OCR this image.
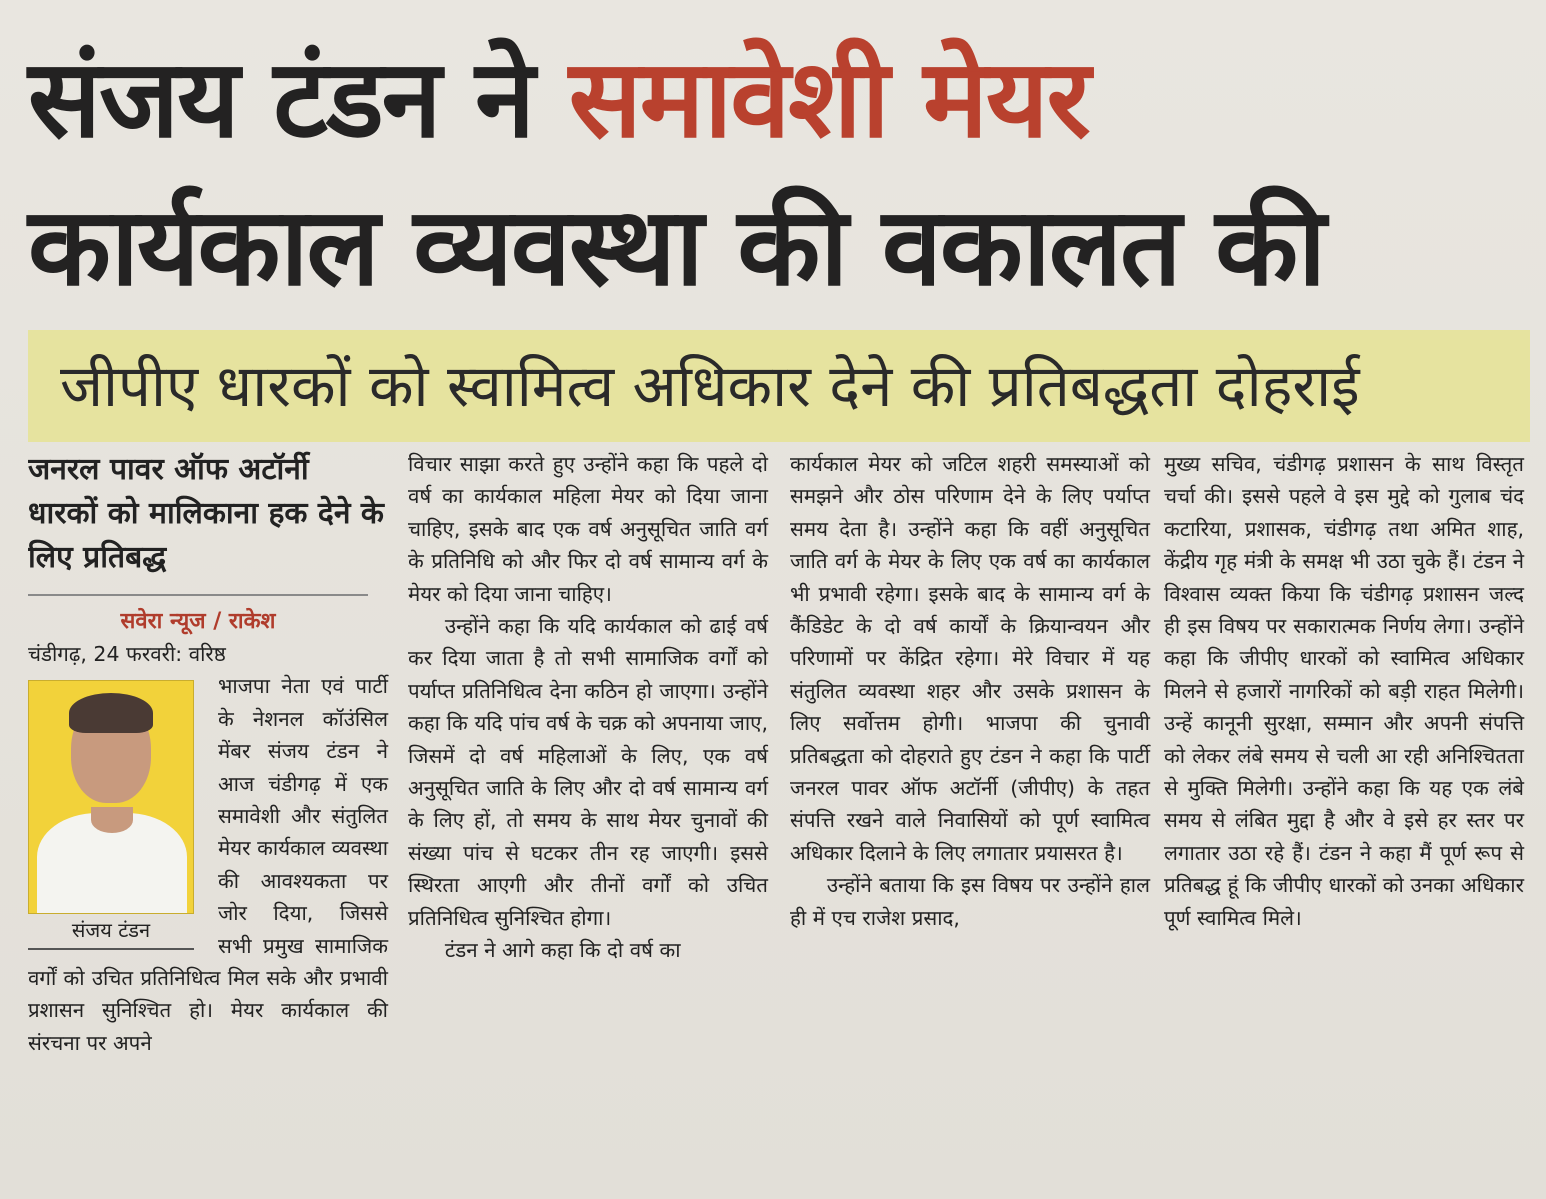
संजय टंडन ने समावेशी मेयर
कार्यकाल व्यवस्था की वकालत की
जीपीए धारकों को स्वामित्व अधिकार देने की प्रतिबद्धता दोहराई
जनरल पावर ऑफ अटॉर्नी धारकों को मालिकाना हक देने के लिए प्रतिबद्ध
सवेरा न्यूज / राकेश
चंडीगढ़, 24 फरवरी: वरिष्ठ
संजय टंडन

भाजपा नेता एवं पार्टी के नेशनल कॉउंसिल मेंबर संजय टंडन ने आज चंडीगढ़ में एक समावेशी और संतुलित मेयर कार्यकाल व्यवस्था की आवश्यकता पर जोर दिया, जिससे सभी प्रमुख सामाजिक वर्गों को उचित प्रतिनिधित्व मिल सके और प्रभावी प्रशासन सुनिश्चित हो। मेयर कार्यकाल की संरचना पर अपने

विचार साझा करते हुए उन्होंने कहा कि पहले दो वर्ष का कार्यकाल महिला मेयर को दिया जाना चाहिए, इसके बाद एक वर्ष अनुसूचित जाति वर्ग के प्रतिनिधि को और फिर दो वर्ष सामान्य वर्ग के मेयर को दिया जाना चाहिए।

उन्होंने कहा कि यदि कार्यकाल को ढाई वर्ष कर दिया जाता है तो सभी सामाजिक वर्गों को पर्याप्त प्रतिनिधित्व देना कठिन हो जाएगा। उन्होंने कहा कि यदि पांच वर्ष के चक्र को अपनाया जाए, जिसमें दो वर्ष महिलाओं के लिए, एक वर्ष अनुसूचित जाति के लिए और दो वर्ष सामान्य वर्ग के लिए हों, तो समय के साथ मेयर चुनावों की संख्या पांच से घटकर तीन रह जाएगी। इससे स्थिरता आएगी और तीनों वर्गों को उचित प्रतिनिधित्व सुनिश्चित होगा।

टंडन ने आगे कहा कि दो वर्ष का

कार्यकाल मेयर को जटिल शहरी समस्याओं को समझने और ठोस परिणाम देने के लिए पर्याप्त समय देता है। उन्होंने कहा कि वहीं अनुसूचित जाति वर्ग के मेयर के लिए एक वर्ष का कार्यकाल भी प्रभावी रहेगा। इसके बाद के सामान्य वर्ग के कैंडिडेट के दो वर्ष कार्यों के क्रियान्वयन और परिणामों पर केंद्रित रहेगा। मेरे विचार में यह संतुलित व्यवस्था शहर और उसके प्रशासन के लिए सर्वोत्तम होगी। भाजपा की चुनावी प्रतिबद्धता को दोहराते हुए टंडन ने कहा कि पार्टी जनरल पावर ऑफ अटॉर्नी (जीपीए) के तहत संपत्ति रखने वाले निवासियों को पूर्ण स्वामित्व अधिकार दिलाने के लिए लगातार प्रयासरत है।

उन्होंने बताया कि इस विषय पर उन्होंने हाल ही में एच राजेश प्रसाद,

मुख्य सचिव, चंडीगढ़ प्रशासन के साथ विस्तृत चर्चा की। इससे पहले वे इस मुद्दे को गुलाब चंद कटारिया, प्रशासक, चंडीगढ़ तथा अमित शाह, केंद्रीय गृह मंत्री के समक्ष भी उठा चुके हैं। टंडन ने विश्वास व्यक्त किया कि चंडीगढ़ प्रशासन जल्द ही इस विषय पर सकारात्मक निर्णय लेगा। उन्होंने कहा कि जीपीए धारकों को स्वामित्व अधिकार मिलने से हजारों नागरिकों को बड़ी राहत मिलेगी। उन्हें कानूनी सुरक्षा, सम्मान और अपनी संपत्ति को लेकर लंबे समय से चली आ रही अनिश्चितता से मुक्ति मिलेगी। उन्होंने कहा कि यह एक लंबे समय से लंबित मुद्दा है और वे इसे हर स्तर पर लगातार उठा रहे हैं। टंडन ने कहा मैं पूर्ण रूप से प्रतिबद्ध हूं कि जीपीए धारकों को उनका अधिकार पूर्ण स्वामित्व मिले।
